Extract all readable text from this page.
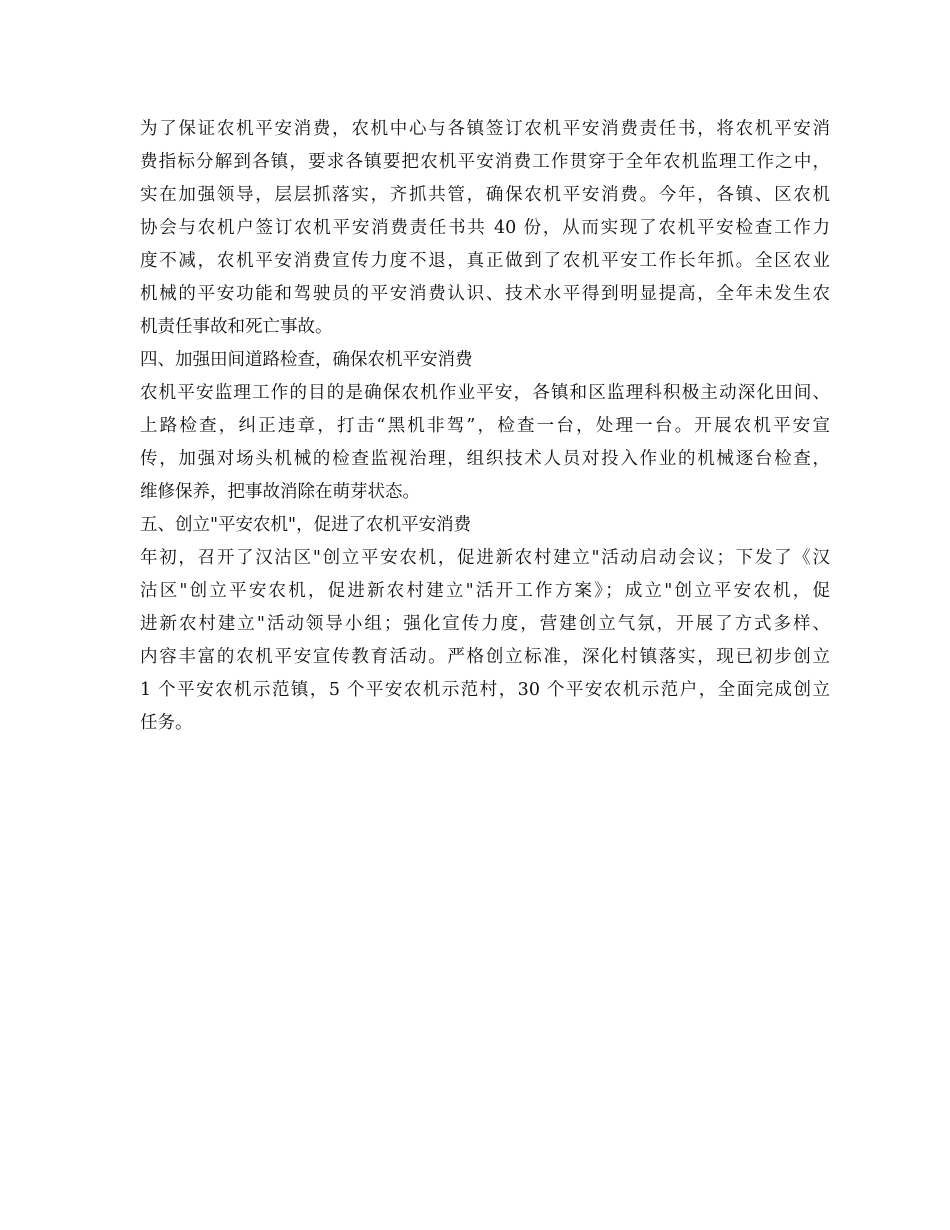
为了保证农机平安消费，农机中心与各镇签订农机平安消费责任书，将农机平安消
费指标分解到各镇，要求各镇要把农机平安消费工作贯穿于全年农机监理工作之中，
实在加强领导，层层抓落实，齐抓共管，确保农机平安消费。今年，各镇、区农机
协会与农机户签订农机平安消费责任书共 40 份，从而实现了农机平安检查工作力
度不减，农机平安消费宣传力度不退，真正做到了农机平安工作长年抓。全区农业
机械的平安功能和驾驶员的平安消费认识、技术水平得到明显提高，全年未发生农
机责任事故和死亡事故。
四、加强田间道路检查，确保农机平安消费
农机平安监理工作的目的是确保农机作业平安，各镇和区监理科积极主动深化田间、
上路检查，纠正违章，打击“黑机非驾”，检查一台，处理一台。开展农机平安宣
传，加强对场头机械的检查监视治理，组织技术人员对投入作业的机械逐台检查，
维修保养，把事故消除在萌芽状态。
五、创立"平安农机"，促进了农机平安消费
年初，召开了汉沽区"创立平安农机，促进新农村建立"活动启动会议；下发了《汉
沽区"创立平安农机，促进新农村建立"活开工作方案》；成立"创立平安农机，促
进新农村建立"活动领导小组；强化宣传力度，营建创立气氛，开展了方式多样、
内容丰富的农机平安宣传教育活动。严格创立标准，深化村镇落实，现已初步创立
1 个平安农机示范镇，5 个平安农机示范村，30 个平安农机示范户，全面完成创立
任务。
